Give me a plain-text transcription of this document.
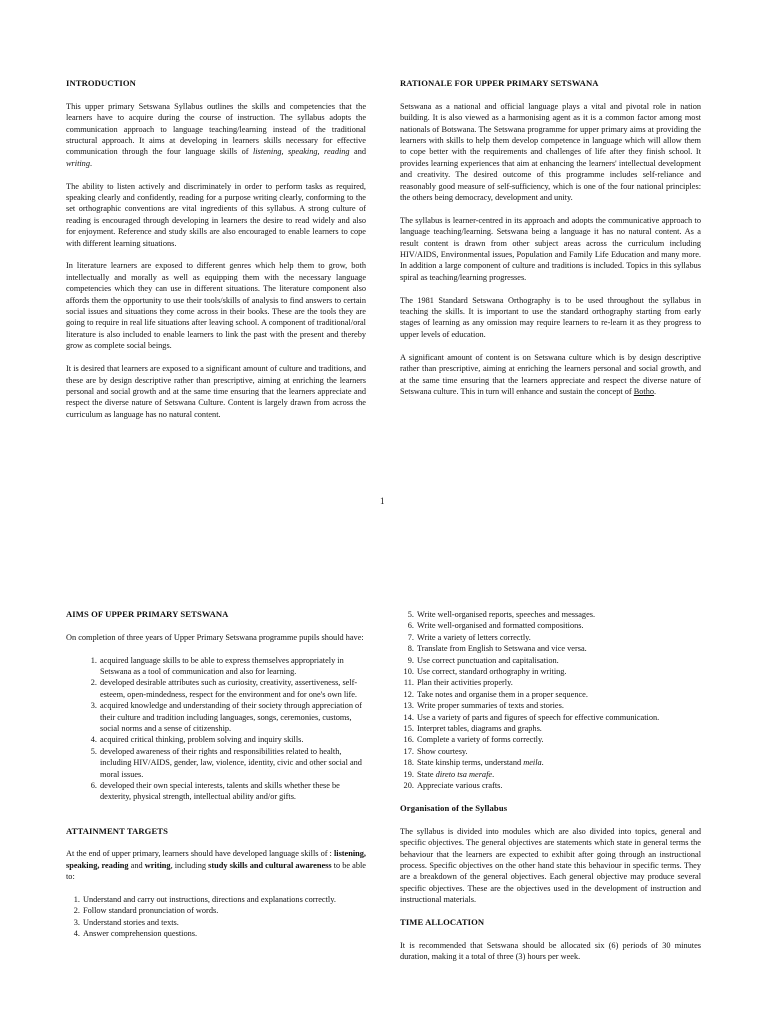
INTRODUCTION

This upper primary Setswana Syllabus outlines the skills and competencies that the learners have to acquire during the course of instruction. The syllabus adopts the communication approach to language teaching/learning instead of the traditional structural approach. It aims at developing in learners skills necessary for effective communication through the four language skills of listening, speaking, reading and writing.

The ability to listen actively and discriminately in order to perform tasks as required, speaking clearly and confidently, reading for a purpose writing clearly, conforming to the set orthographic conventions are vital ingredients of this syllabus. A strong culture of reading is encouraged through developing in learners the desire to read widely and also for enjoyment. Reference and study skills are also encouraged to enable learners to cope with different learning situations.

In literature learners are exposed to different genres which help them to grow, both intellectually and morally as well as equipping them with the necessary language competencies which they can use in different situations. The literature component also affords them the opportunity to use their tools/skills of analysis to find answers to certain social issues and situations they come across in their books. These are the tools they are going to require in real life situations after leaving school. A component of traditional/oral literature is also included to enable learners to link the past with the present and thereby grow as complete social beings.

It is desired that learners are exposed to a significant amount of culture and traditions, and these are by design descriptive rather than prescriptive, aiming at enriching the learners personal and social growth and at the same time ensuring that the learners appreciate and respect the diverse nature of Setswana Culture. Content is largely drawn from across the curriculum as language has no natural content.

RATIONALE FOR UPPER PRIMARY SETSWANA

Setswana as a national and official language plays a vital and pivotal role in nation building. It is also viewed as a harmonising agent as it is a common factor among most nationals of Botswana. The Setswana programme for upper primary aims at providing the learners with skills to help them develop competence in language which will allow them to cope better with the requirements and challenges of life after they finish school. It provides learning experiences that aim at enhancing the learners' intellectual development and creativity. The desired outcome of this programme includes self-reliance and reasonably good measure of self-sufficiency, which is one of the four national principles: the others being democracy, development and unity.

The syllabus is learner-centred in its approach and adopts the communicative approach to language teaching/learning. Setswana being a language it has no natural content. As a result content is drawn from other subject areas across the curriculum including HIV/AIDS, Environmental issues, Population and Family Life Education and many more. In addition a large component of culture and traditions is included. Topics in this syllabus spiral as teaching/learning progresses.

The 1981 Standard Setswana Orthography is to be used throughout the syllabus in teaching the skills. It is important to use the standard orthography starting from early stages of learning as any omission may require learners to re-learn it as they progress to upper levels of education.

A significant amount of content is on Setswana culture which is by design descriptive rather than prescriptive, aiming at enriching the learners personal and social growth, and at the same time ensuring that the learners appreciate and respect the diverse nature of Setswana culture. This in turn will enhance and sustain the concept of Botho.

1
AIMS OF UPPER PRIMARY SETSWANA

On completion of three years of Upper Primary Setswana programme pupils should have:

1. acquired language skills to be able to express themselves appropriately in Setswana as a tool of communication and also for learning.
2. developed desirable attributes such as curiosity, creativity, assertiveness, self-esteem, open-mindedness, respect for the environment and for one's own life.
3. acquired knowledge and understanding of their society through appreciation of their culture and tradition including languages, songs, ceremonies, customs, social norms and a sense of citizenship.
4. acquired critical thinking, problem solving and inquiry skills.
5. developed awareness of their rights and responsibilities related to health, including HIV/AIDS, gender, law, violence, identity, civic and other social and moral issues.
6. developed their own special interests, talents and skills whether these be dexterity, physical strength, intellectual ability and/or gifts.
ATTAINMENT TARGETS

At the end of upper primary, learners should have developed language skills of : listening, speaking, reading and writing, including study skills and cultural awareness to be able to:

1. Understand and carry out instructions, directions and explanations correctly.
2. Follow standard pronunciation of words.
3. Understand stories and texts.
4. Answer comprehension questions.
5. Write well-organised reports, speeches and messages.
6. Write well-organised and formatted compositions.
7. Write a variety of letters correctly.
8. Translate from English to Setswana and vice versa.
9. Use correct punctuation and capitalisation.
10. Use correct, standard orthography in writing.
11. Plan their activities properly.
12. Take notes and organise them in a proper sequence.
13. Write proper summaries of texts and stories.
14. Use a variety of parts and figures of speech for effective communication.
15. Interpret tables, diagrams and graphs.
16. Complete a variety of forms correctly.
17. Show courtesy.
18. State kinship terms, understand meila.
19. State direto tsa merafe.
20. Appreciate various crafts.
Organisation of the Syllabus

The syllabus is divided into modules which are also divided into topics, general and specific objectives. The general objectives are statements which state in general terms the behaviour that the learners are expected to exhibit after going through an instructional process. Specific objectives on the other hand state this behaviour in specific terms. They are a breakdown of the general objectives. Each general objective may produce several specific objectives. These are the objectives used in the development of instruction and instructional materials.

TIME ALLOCATION

It is recommended that Setswana should be allocated six (6) periods of 30 minutes duration, making it a total of three (3) hours per week.
